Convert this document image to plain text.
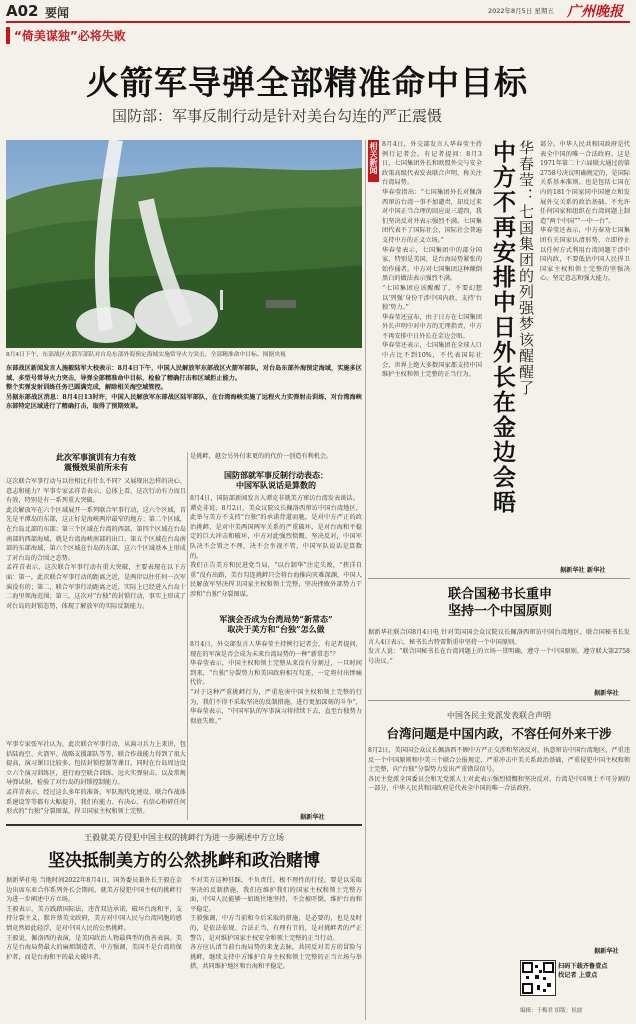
A02 要闻	2022年8月5日 星期五 广州晚报
“倚美谋独”必将失败
火箭军导弹全部精准命中目标
国防部：军事反制行动是针对美台勾连的严正震慑
8月4日下午，东部战区火箭军部队对台岛东部外海预定海域实施常导火力突击，全部精准命中目标。图据央视
东部战区新闻发言人施毅陆军大校表示：8月4日下午，中国人民解放军东部战区火箭军部队，对台岛东部外海预定海域，实施多区域、多型号常导火力突击，导弹全部精准命中目标，检验了精确打击和区域拒止能力。
整个实弹发射训练任务已圆满完成，解除相关海空域管控。
另据东部战区消息：8月4日13时许，中国人民解放军东部战区陆军部队，在台湾海峡实施了远程火力实弹射击训练，对台湾海峡东部特定区域进行了精确打击，取得了预期效果。
此次军事演训有力有效
震慑效果前所未有
这次联合军事行动与以往相比有什么不同？又展现出怎样的决心、意志和能力？军事专家孟祥青表示，总体上看，这次行动有力而且有效，特别是有一系列重大突破。
此次解放军在六个区域展开一系列联合军事行动，这六个区域，首先是平潭岛的东部，这正好是海峡两岸最窄的地方；第二个区域，在台岛北部的东部；第三个区域在台湾的西部，第四个区域在台岛南部的西部海域，就是台湾海峡南部的出口，第五个区域在台岛南部的东部海域，第六个区域在台岛的东部，这六个区域基本上形成了对台岛的合围之态势。
孟祥青表示，这次联合军事行动有重大突破，主要表现在以下方面：第一，此次联合军事行动的距离之近，是两岸以往任何一次军演没有的；第二，联合军事行动距离之近，实际上已经进入台岛十二海里领海范围；第三，这次对“台独”的封锁行动，事实上形成了对台岛的封锁态势，体现了解放军的实际反制能力。
军事专家张军社认为，此次联合军事行动，从演习兵力上来讲，包括陆海空、火箭军、战略支援部队等等，联合作战能力得到了很大提高，演习课目比较多，包括封锁控制等课目，同时在台岛周边设立六个演习训练区，进行海空联合训练、远火实弹射击，以及常规导弹试射，检验了对台岛的封锁控制能力。
孟祥青表示，经过这么多年的准备，军队现代化建设、联合作战体系建设等等都有大幅提升，我们有能力、有决心、有信心粉碎任何形式的“台独”分裂图谋，捍卫国家主权和领土完整。
是挑衅，越会另外付来更的的代价一创造有利机会。
国防部就军事反制行动表态：
中国军队说话是算数的
8月4日，国防部新闻发言人谭克非就美方窜访台湾发表谈话。
谭克非说，8月2日，美众议院议长佩洛西窜访中国台湾地区，此举与美方不支持“台独”的承诺背道而驰，是对中方严正的政治挑衅，是对中美两国两军关系的严重破坏，是对台海和平稳定的巨大冲击和破坏，中方对此强烈愤慨、坚决反对，中国军队决不会置之不理，决不会坐视不管，中国军队说话是算数的。
我们正告美方和民进党当局，“以台制华”注定失败，“挟洋自重”没有出路，美台勾连挑衅只会将台海推向灾难深渊，中国人民解放军坚决捍卫国家主权和领土完整，坚决挫败外部势力干涉和“台独”分裂图谋。
军演会否成为台湾局势“新常态”
取决于美方和“台独”怎么做
8月4日，外交部发言人华春莹主持例行记者会，有记者提问，现在的军演是否会成为未来台湾局势的一种“新常态”？
华春莹表示，中国主权和领土完整从来没有分割过，一旦时间到来，“台独”分裂势力和美国政府相互勾连，一定将付出惨痛代价。
“对于这种严重挑衅行为，严重危害中国主权和领土完整的行为，我们不得不采取坚决的反制措施，进行更加深刻的斗争”，华春莹表示，“中国军队的军事演习将持续下去，直至台独势力彻底失败。”
据新华社
相关新闻 8月4日，外交部发言人华春莹主持例行记者会。有记者提问：8月3日，七国集团外长和欧盟外交与安全政策高级代表发表联合声明，称关注台湾局势。
华春莹指出：“七国集团外长对佩洛西窜访台湾一事不加谴责，却反过来对中国正当合理的回应说三道四，我们坚决反对并表示强烈不满。七国集团代表不了国际社会，国际社会普遍支持中方的正义立场。”
华春莹表示，七国集团中的部分国家，特别是美国，是台海局势紧张的始作俑者。中方对七国集团这种颠倒黑白的做法表示强烈不满。
“七国集团应该醒醒了，不要幻想以‘列强’身份干涉中国内政、支持‘台独’势力。”
华春莹还宣布，由于日方在七国集团外长声明中对中方的无理指责，中方不再安排中日外长在金边会晤。
华春莹还表示，七国集团在全球人口中占比不到10%，不代表国际社会，世界上绝大多数国家都支持中国维护主权和领土完整的正当行为。 中方不再安排中日外长在金边会晤 华春莹：七国集团的列强梦该醒醒了 部分。中华人民共和国政府是代表全中国的唯一合法政府。这是1971年第二十六届联大通过的第2758号决议明确规定的，是国际关系基本准则。也是包括七国在内的181个国家同中国建立和发展外交关系的政治基础。不允许任何国家和组织在台湾问题上制造“两个中国”“一中一台”。
华春莹还表示，中方奉劝七国集团有关国家认清形势，立即停止以任何方式利用台湾问题干涉中国内政，不要低估中国人民捍卫国家主权和领土完整的坚强决心、坚定意志和强大能力。
据新华社 新华社
联合国秘书长重申
坚持一个中国原则
据新华社联合国8月4日电 针对美国国会众议院议长佩洛西窜访中国台湾地区，联合国秘书长发言人4日表示，秘书长古特雷斯重申坚持一个中国原则。
发言人说：“联合国秘书长在台湾问题上的立场一贯明确，遵守一个中国原则，遵守联大第2758号决议。”
据新华社
中国各民主党派发表联合声明
台湾问题是中国内政，不容任何外来干涉
8月2日，美国国会众议长佩洛西不顾中方严正交涉和坚决反对，执意窜访中国台湾地区，严重违反一个中国原则和中美三个联合公报规定，严重冲击中美关系政治基础，严重侵犯中国主权和领土完整，向“台独”分裂势力发出严重错误信号。
各民主党派全国委员会和无党派人士对此表示强烈愤慨和坚决反对。台湾是中国领土不可分割的一部分，中华人民共和国政府是代表全中国的唯一合法政府。
据新华社
扫码下载齐鲁壹点
找记者 上壹点
编辑：于梅君 组版：侯波
王毅就美方侵犯中国主权的挑衅行为进一步阐述中方立场
坚决抵制美方的公然挑衅和政治赌博
据新华社电 当地时间2022年8月4日，国务委员兼外长王毅在金边出席东亚合作系列外长会期间，就美方侵犯中国主权的挑衅行为进一步阐述中方立场。
王毅表示，美方践踏国际法，违背双边承诺，破坏台海和平，支持分裂主义，默许蔡英文政府，美方对中国人民与台湾同胞的感情竟然如此轻浮，是对中国人民的公然挑衅。
王毅说，佩洛西的表演，是美国政治人物最典型的伪善表演。美方是台海局势最大的麻烦制造者，中方强调，美国不是台湾的保护者，而是台海和平的最大破坏者。
不对美方这种狂踩，不负责任，极不理性的行径，要是以采取坚决的反制措施，我们在维护我们的国家主权和领土完整方面，中国人民能够一如既往地坚持，不会被吓倒，维护台海和平稳定。
王毅强调，中方当前和今后采取的措施，是必要的，也是及时的，是依法依规、合法正当、有理有节的，是对挑衅者的严正警告，是对维护国家主权安全和领土完整的正当行动。
各方应认清当前台海局势的来龙去脉，共同反对美方的冒险与挑衅，继续支持中方维护自身主权和领土完整的正当立场与举措，共同维护地区和台海和平稳定。
